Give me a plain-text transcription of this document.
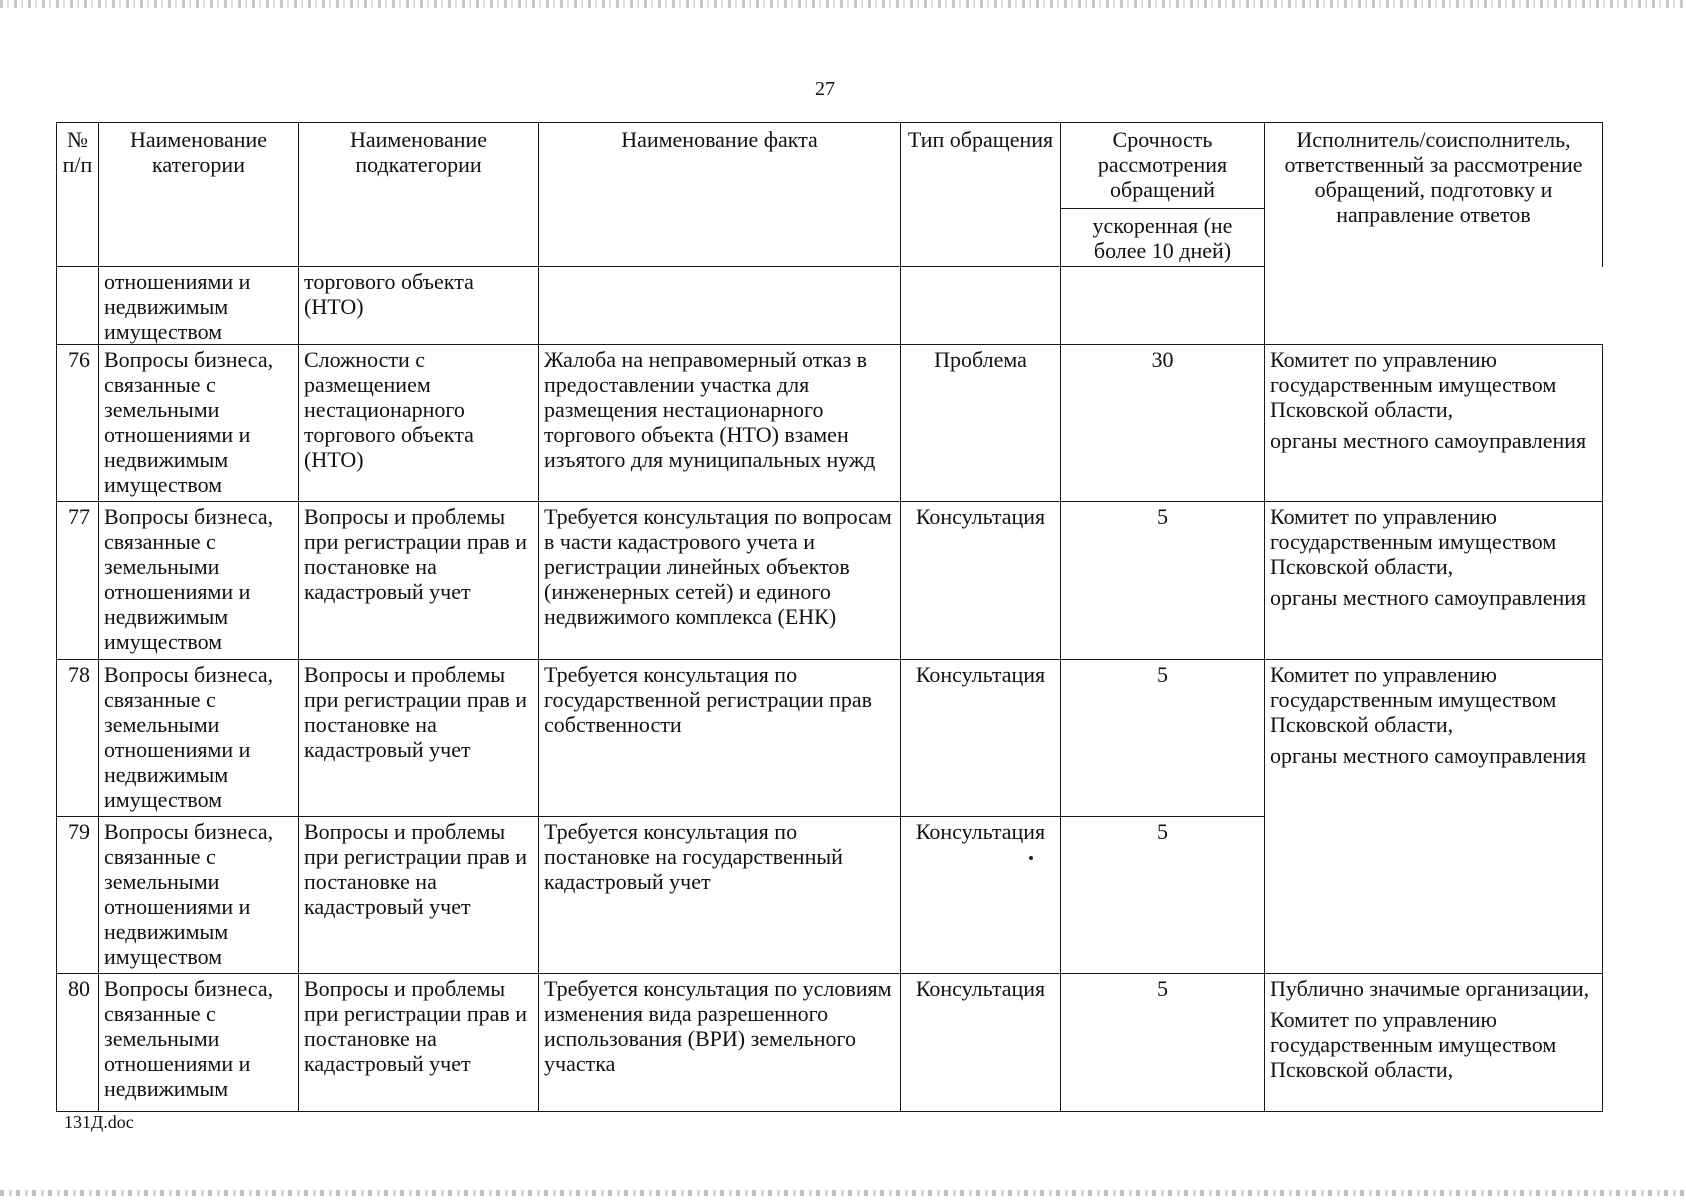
27
№ п/п	Наименование категории	Наименование подкатегории	Наименование факта	Тип обращения	Срочность рассмотрения обращений	Исполнитель/соисполнитель, ответственный за рассмотрение обращений, подготовку и направление ответов
					ускоренная (не более 10 дней)	
	отношениями и недвижимым имуществом	торгового объекта (НТО)				
76	Вопросы бизнеса, связанные с земельными отношениями и недвижимым имуществом	Сложности с размещением нестационарного торгового объекта (НТО)	Жалоба на неправомерный отказ в предоставлении участка для размещения нестационарного торгового объекта (НТО) взамен изъятого для муниципальных нужд	Проблема	30	Комитет по управлению государственным имуществом Псковской области,

органы местного самоуправления

77	Вопросы бизнеса, связанные с земельными отношениями и недвижимым имуществом	Вопросы и проблемы при регистрации прав и постановке на кадастровый учет	Требуется консультация по вопросам в части кадастрового учета и регистрации линейных объектов (инженерных сетей) и единого недвижимого комплекса (ЕНК)	Консультация	5	Комитет по управлению государственным имуществом Псковской области,

органы местного самоуправления

78	Вопросы бизнеса, связанные с земельными отношениями и недвижимым имуществом	Вопросы и проблемы при регистрации прав и постановке на кадастровый учет	Требуется консультация по государственной регистрации прав собственности	Консультация	5	Комитет по управлению государственным имуществом Псковской области,

органы местного самоуправления

79	Вопросы бизнеса, связанные с земельными отношениями и недвижимым имуществом	Вопросы и проблемы при регистрации прав и постановке на кадастровый учет	Требуется консультация по постановке на государственный кадастровый учет	Консультация	5	
80	Вопросы бизнеса, связанные с земельными отношениями и недвижимым	Вопросы и проблемы при регистрации прав и постановке на кадастровый учет	Требуется консультация по условиям изменения вида разрешенного использования (ВРИ) земельного участка	Консультация	5	Публично значимые организации,

Комитет по управлению государственным имуществом Псковской области,

131Д.doc
